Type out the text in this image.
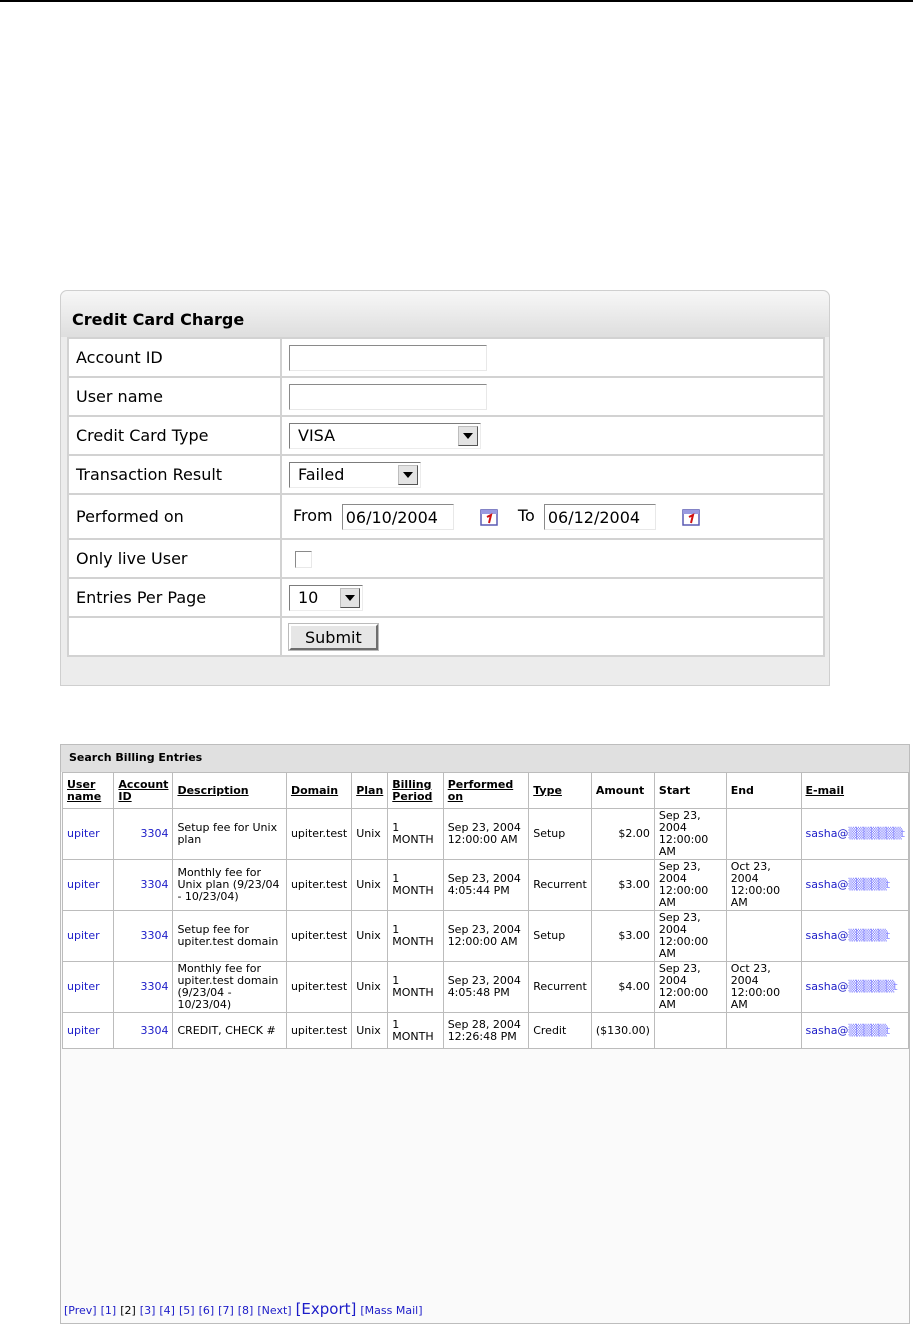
Credit Card Charge
Account ID	
User name	
Credit Card Type	VISA

Transaction Result	Failed

Performed on	From 06/10/2004 To 06/12/2004
Only live User	
Entries Per Page	10

	Submit
Search Billing Entries
User name	Account ID	Description	Domain	Plan	Billing Period	Performed on	Type	Amount	Start	End	E-mail
upiter	3304	Setup fee for Unix plan	upiter.test	Unix	1 MONTH	Sep 23, 2004 12:00:00 AM	Setup	$2.00	Sep 23, 2004 12:00:00 AM		sasha@▒▒▒▒▒▒▒t
upiter	3304	Monthly fee for Unix plan (9/23/04 - 10/23/04)	upiter.test	Unix	1 MONTH	Sep 23, 2004 4:05:44 PM	Recurrent	$3.00	Sep 23, 2004 12:00:00 AM	Oct 23, 2004 12:00:00 AM	sasha@▒▒▒▒▒t
upiter	3304	Setup fee for upiter.test domain	upiter.test	Unix	1 MONTH	Sep 23, 2004 12:00:00 AM	Setup	$3.00	Sep 23, 2004 12:00:00 AM		sasha@▒▒▒▒▒t
upiter	3304	Monthly fee for upiter.test domain (9/23/04 - 10/23/04)	upiter.test	Unix	1 MONTH	Sep 23, 2004 4:05:48 PM	Recurrent	$4.00	Sep 23, 2004 12:00:00 AM	Oct 23, 2004 12:00:00 AM	sasha@▒▒▒▒▒▒t
upiter	3304	CREDIT, CHECK #	upiter.test	Unix	1 MONTH	Sep 28, 2004 12:26:48 PM	Credit	($130.00)			sasha@▒▒▒▒▒t
[Prev] [1] [2] [3] [4] [5] [6] [7] [8] [Next] [Export] [Mass Mail]
